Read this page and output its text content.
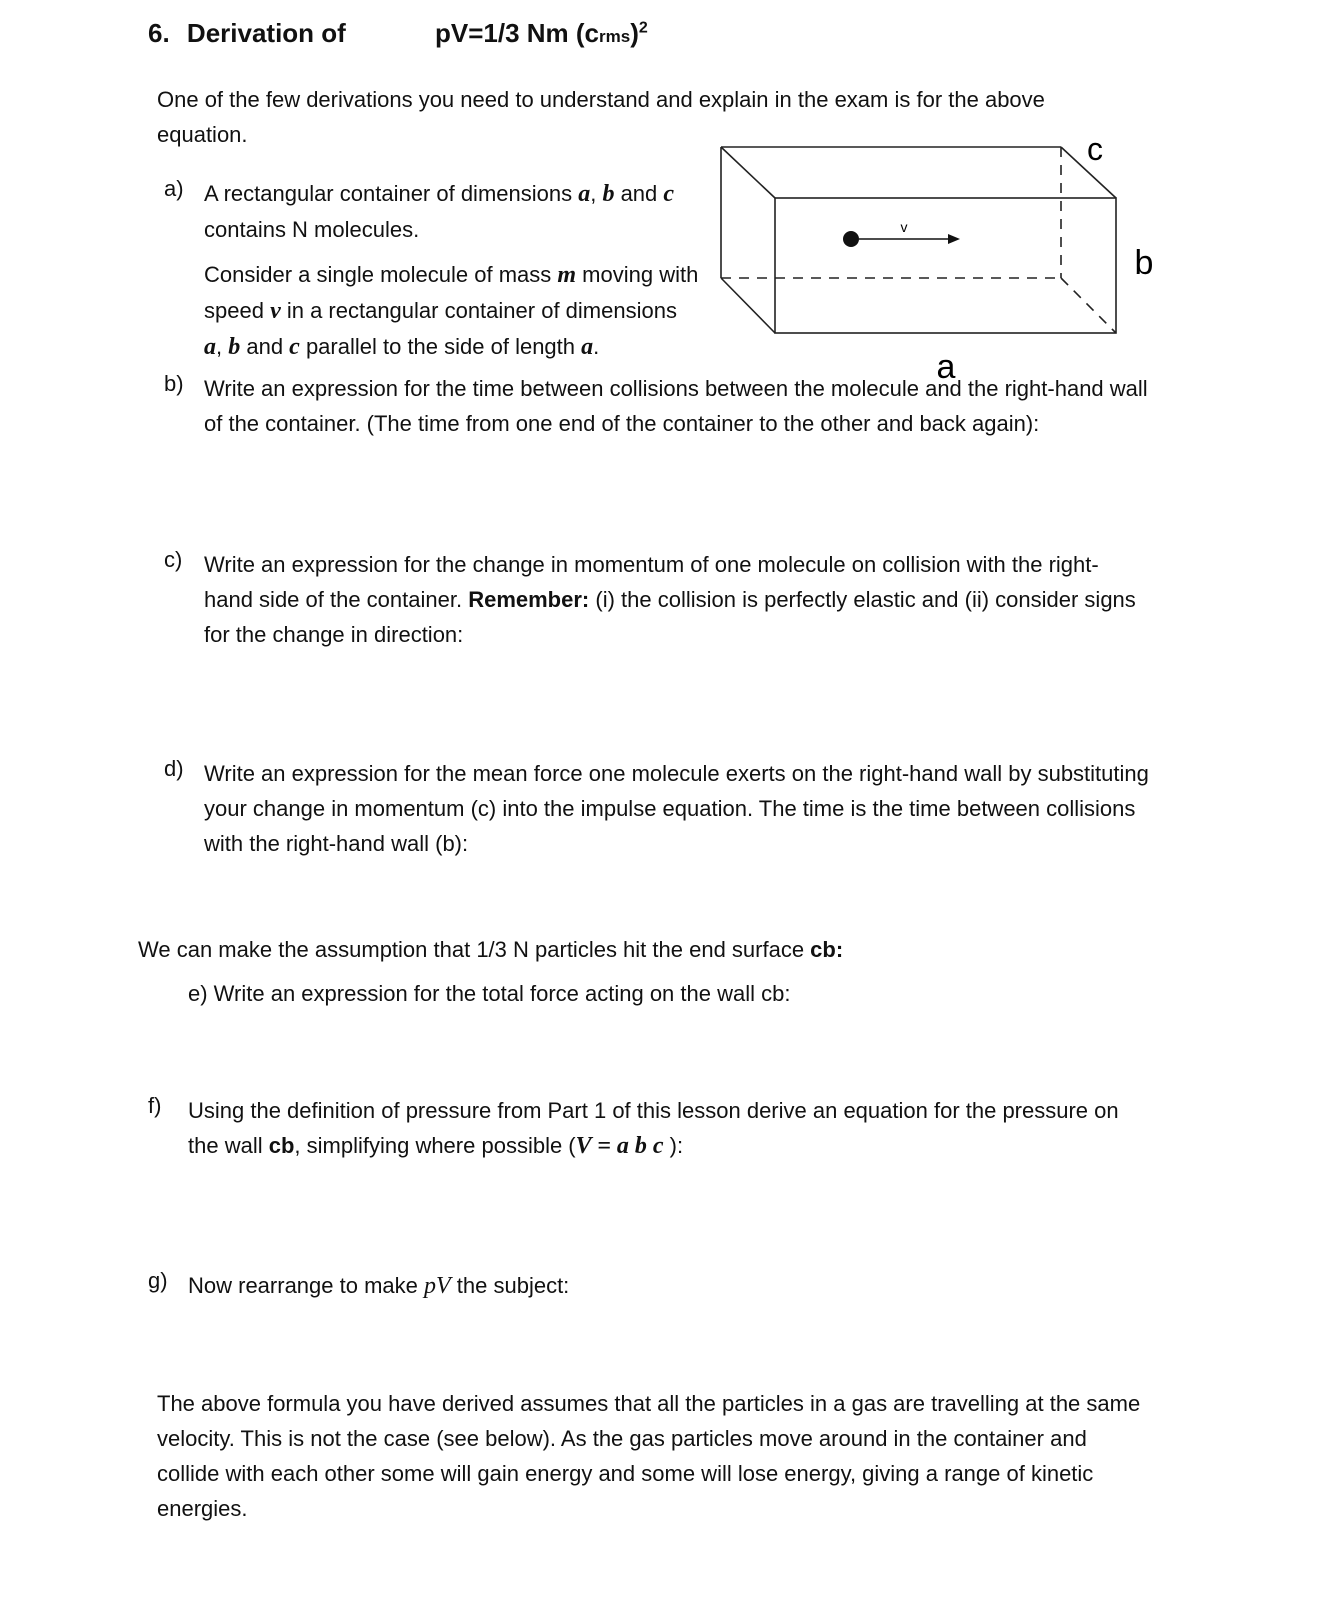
6. Derivation of	pV=1/3 Nm (crms)$^2$
One of the few derivations you need to understand and explain in the exam is for the above
equation.
v
c
b
a
a) A rectangular container of dimensions a, b and c
contains N molecules.
Consider a single molecule of mass m moving with
speed v in a rectangular container of dimensions
a, b and c parallel to the side of length a.
b) Write an expression for the time between collisions between the molecule and the right-hand wall
of the container. (The time from one end of the container to the other and back again):
c) Write an expression for the change in momentum of one molecule on collision with the right-
hand side of the container. Remember: (i) the collision is perfectly elastic and (ii) consider signs
for the change in direction:
d) Write an expression for the mean force one molecule exerts on the right-hand wall by substituting
your change in momentum (c) into the impulse equation. The time is the time between collisions
with the right-hand wall (b):
We can make the assumption that 1/3 N particles hit the end surface cb:
e) Write an expression for the total force acting on the wall cb:
f) Using the definition of pressure from Part 1 of this lesson derive an equation for the pressure on
the wall cb, simplifying where possible (V = a b c ):
g) Now rearrange to make pV the subject:
The above formula you have derived assumes that all the particles in a gas are travelling at the same
velocity. This is not the case (see below). As the gas particles move around in the container and
collide with each other some will gain energy and some will lose energy, giving a range of kinetic
energies.
